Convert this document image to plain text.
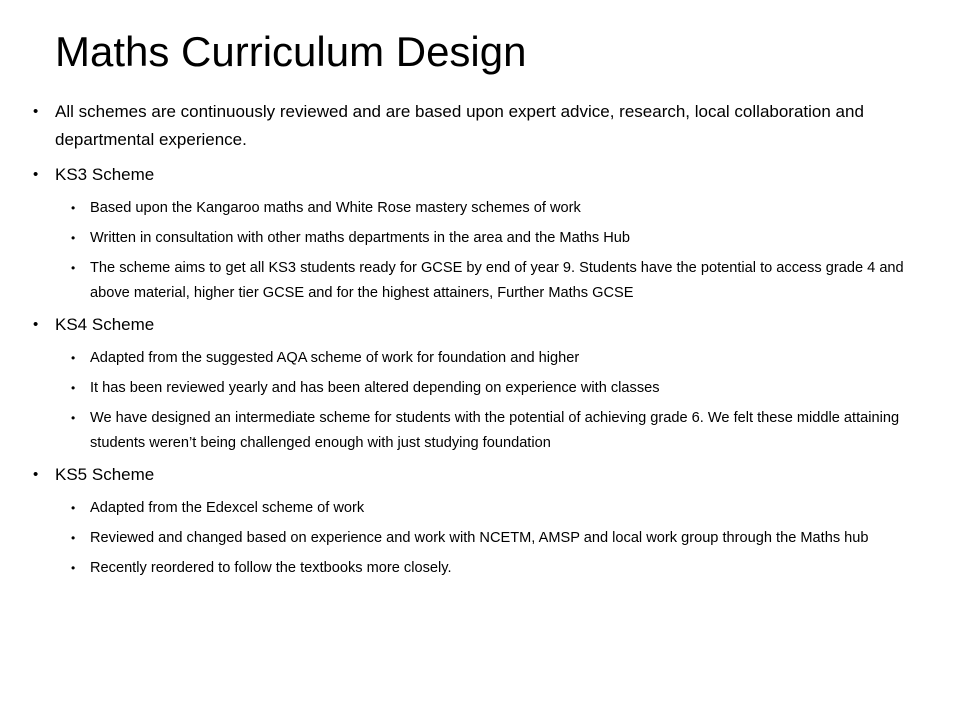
Maths Curriculum Design
• All schemes are continuously reviewed and are based upon expert advice, research, local collaboration and departmental experience.
• KS3 Scheme
• Based upon the Kangaroo maths and White Rose mastery schemes of work
• Written in consultation with other maths departments in the area and the Maths Hub
• The scheme aims to get all KS3 students ready for GCSE by end of year 9. Students have the potential to access grade 4 and above material, higher tier GCSE and for the highest attainers, Further Maths GCSE
• KS4 Scheme
• Adapted from the suggested AQA scheme of work for foundation and higher
• It has been reviewed yearly and has been altered depending on experience with classes
• We have designed an intermediate scheme for students with the potential of achieving grade 6. We felt these middle attaining students weren’t being challenged enough with just studying foundation
• KS5 Scheme
• Adapted from the Edexcel scheme of work
• Reviewed and changed based on experience and work with NCETM, AMSP and local work group through the Maths hub
• Recently reordered to follow the textbooks more closely.
